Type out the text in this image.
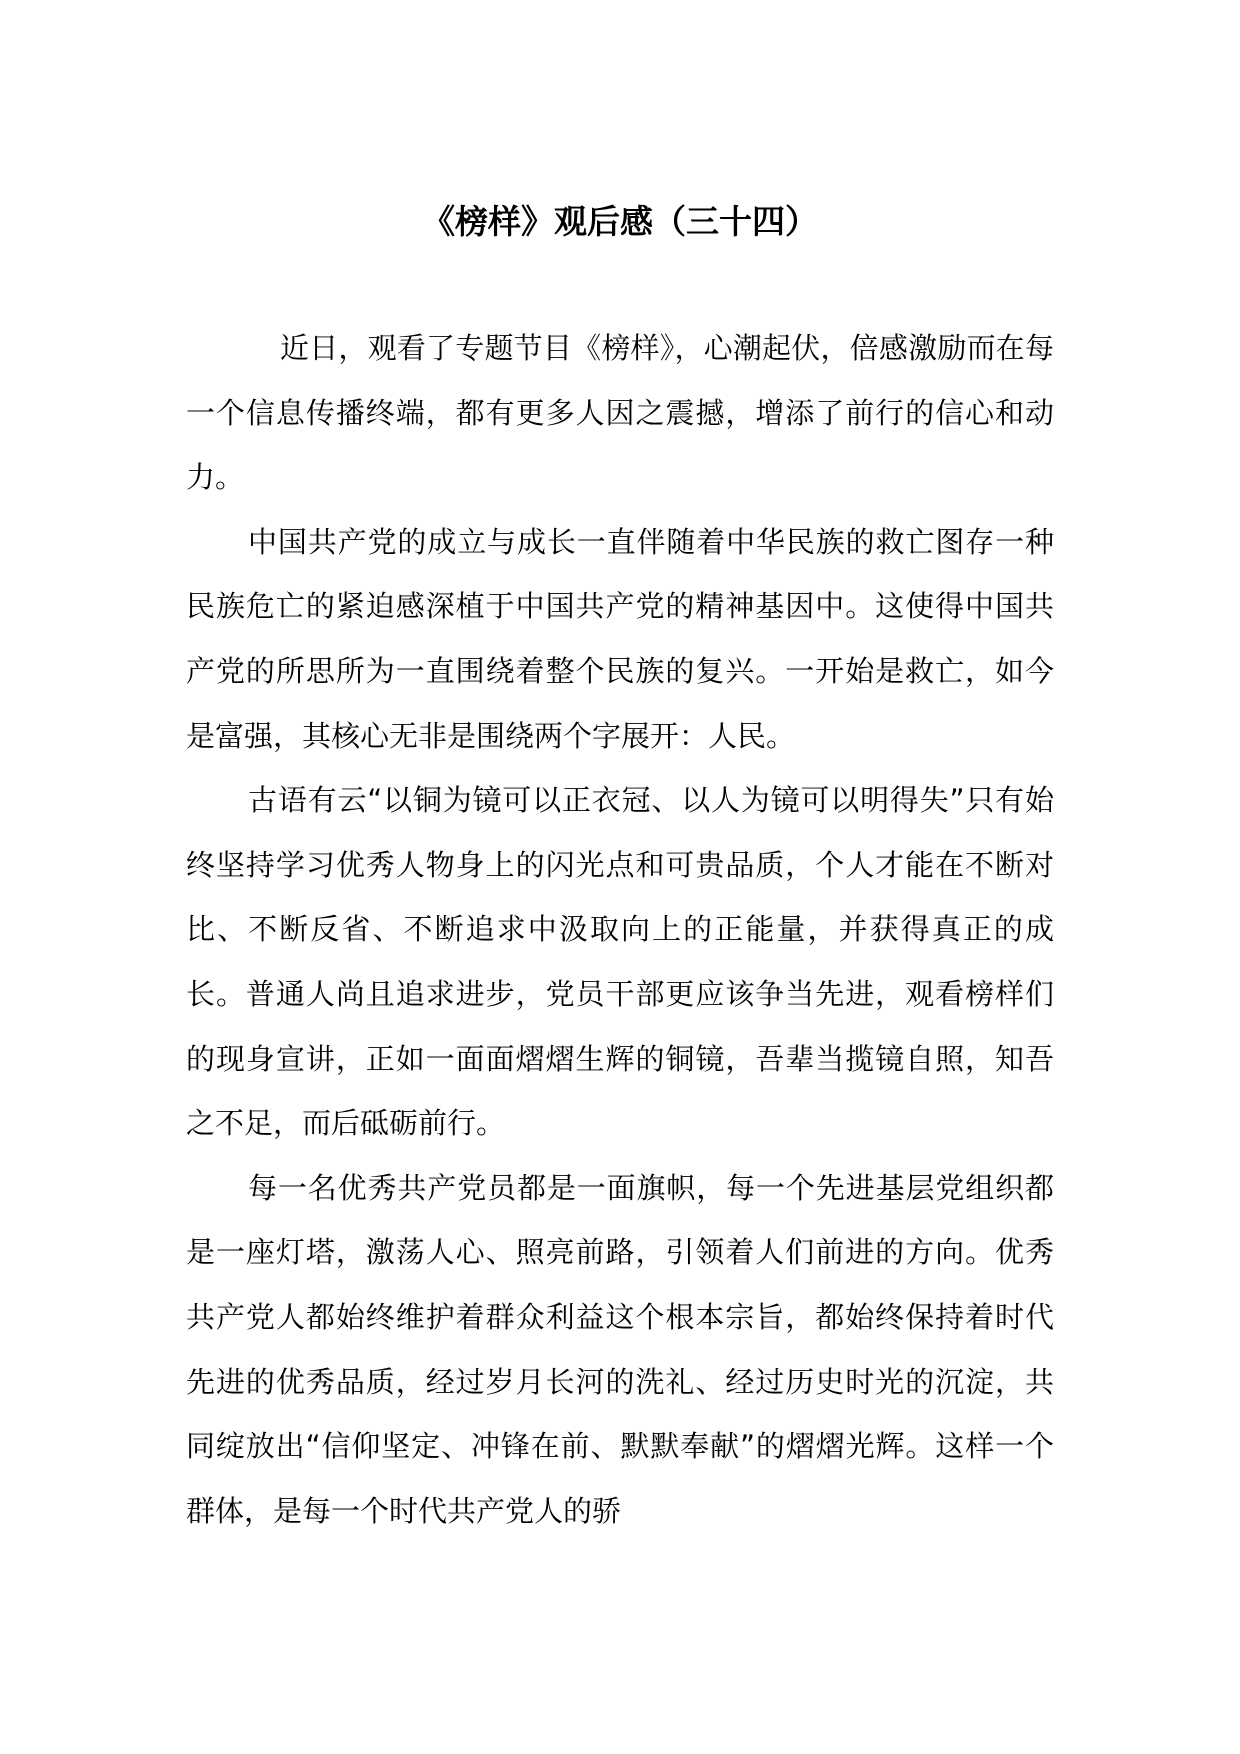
《榜样》观后感（三十四）

近日，观看了专题节目《榜样》，心潮起伏，倍感激励而在每一个信息传播终端，都有更多人因之震撼，增添了前行的信心和动力。

中国共产党的成立与成长一直伴随着中华民族的救亡图存一种民族危亡的紧迫感深植于中国共产党的精神基因中。这使得中国共产党的所思所为一直围绕着整个民族的复兴。一开始是救亡，如今是富强，其核心无非是围绕两个字展开：人民。

古语有云“以铜为镜可以正衣冠、以人为镜可以明得失”只有始终坚持学习优秀人物身上的闪光点和可贵品质，个人才能在不断对比、不断反省、不断追求中汲取向上的正能量，并获得真正的成长。普通人尚且追求进步，党员干部更应该争当先进，观看榜样们的现身宣讲，正如一面面熠熠生辉的铜镜，吾辈当揽镜自照，知吾之不足，而后砥砺前行。

每一名优秀共产党员都是一面旗帜，每一个先进基层党组织都是一座灯塔，激荡人心、照亮前路，引领着人们前进的方向。优秀共产党人都始终维护着群众利益这个根本宗旨，都始终保持着时代先进的优秀品质，经过岁月长河的洗礼、经过历史时光的沉淀，共同绽放出“信仰坚定、冲锋在前、默默奉献”的熠熠光辉。这样一个群体，是每一个时代共产党人的骄
